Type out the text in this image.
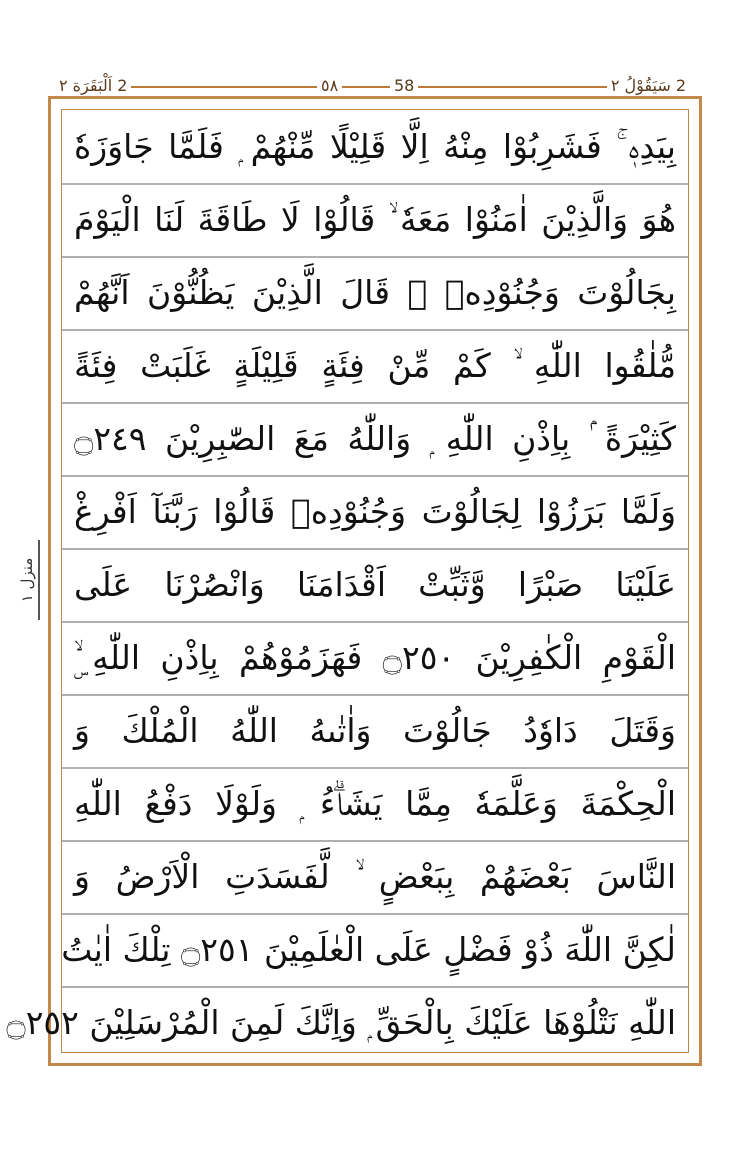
2 اَلْبَقَرَة ٢	٥٨	58	2 سَيَقُوْلُ ٢
منزل ١
بِيَدِهٖ ۚ فَشَرِبُوْا مِنْهُ اِلَّا قَلِيْلًا مِّنْهُمْ ۭ فَلَمَّا جَاوَزَهٗ
هُوَ وَالَّذِيْنَ اٰمَنُوْا مَعَهٗ ۙ قَالُوْا لَا طَاقَةَ لَنَا الْيَوْمَ
بِجَالُوْتَ وَجُنُوْدِهٖ ۭ قَالَ الَّذِيْنَ يَظُنُّوْنَ اَنَّهُمْ
مُّلٰقُوا اللّٰهِ ۙ كَمْ مِّنْ فِئَةٍ قَلِيْلَةٍ غَلَبَتْ فِئَةً
كَثِيْرَةً ۢ بِاِذْنِ اللّٰهِ ۭ وَاللّٰهُ مَعَ الصّٰبِرِيْنَ ۝٢٤٩
وَلَمَّا بَرَزُوْا لِجَالُوْتَ وَجُنُوْدِهٖ قَالُوْا رَبَّنَآ اَفْرِغْ
عَلَيْنَا صَبْرًا وَّثَبِّتْ اَقْدَامَنَا وَانْصُرْنَا عَلَى
الْقَوْمِ الْكٰفِرِيْنَ ۝٢٥٠ فَهَزَمُوْهُمْ بِاِذْنِ اللّٰهِ ۣۙ
وَقَتَلَ دَاوٗدُ جَالُوْتَ وَاٰتٰىهُ اللّٰهُ الْمُلْكَ وَ
الْحِكْمَةَ وَعَلَّمَهٗ مِمَّا يَشَاۗءُ ۭ وَلَوْلَا دَفْعُ اللّٰهِ
النَّاسَ بَعْضَهُمْ بِبَعْضٍ ۙ لَّفَسَدَتِ الْاَرْضُ وَ
لٰكِنَّ اللّٰهَ ذُوْ فَضْلٍ عَلَى الْعٰلَمِيْنَ ۝٢٥١ تِلْكَ اٰيٰتُ
اللّٰهِ نَتْلُوْهَا عَلَيْكَ بِالْحَقِّ ۭ وَاِنَّكَ لَمِنَ الْمُرْسَلِيْنَ ۝٢٥٢
